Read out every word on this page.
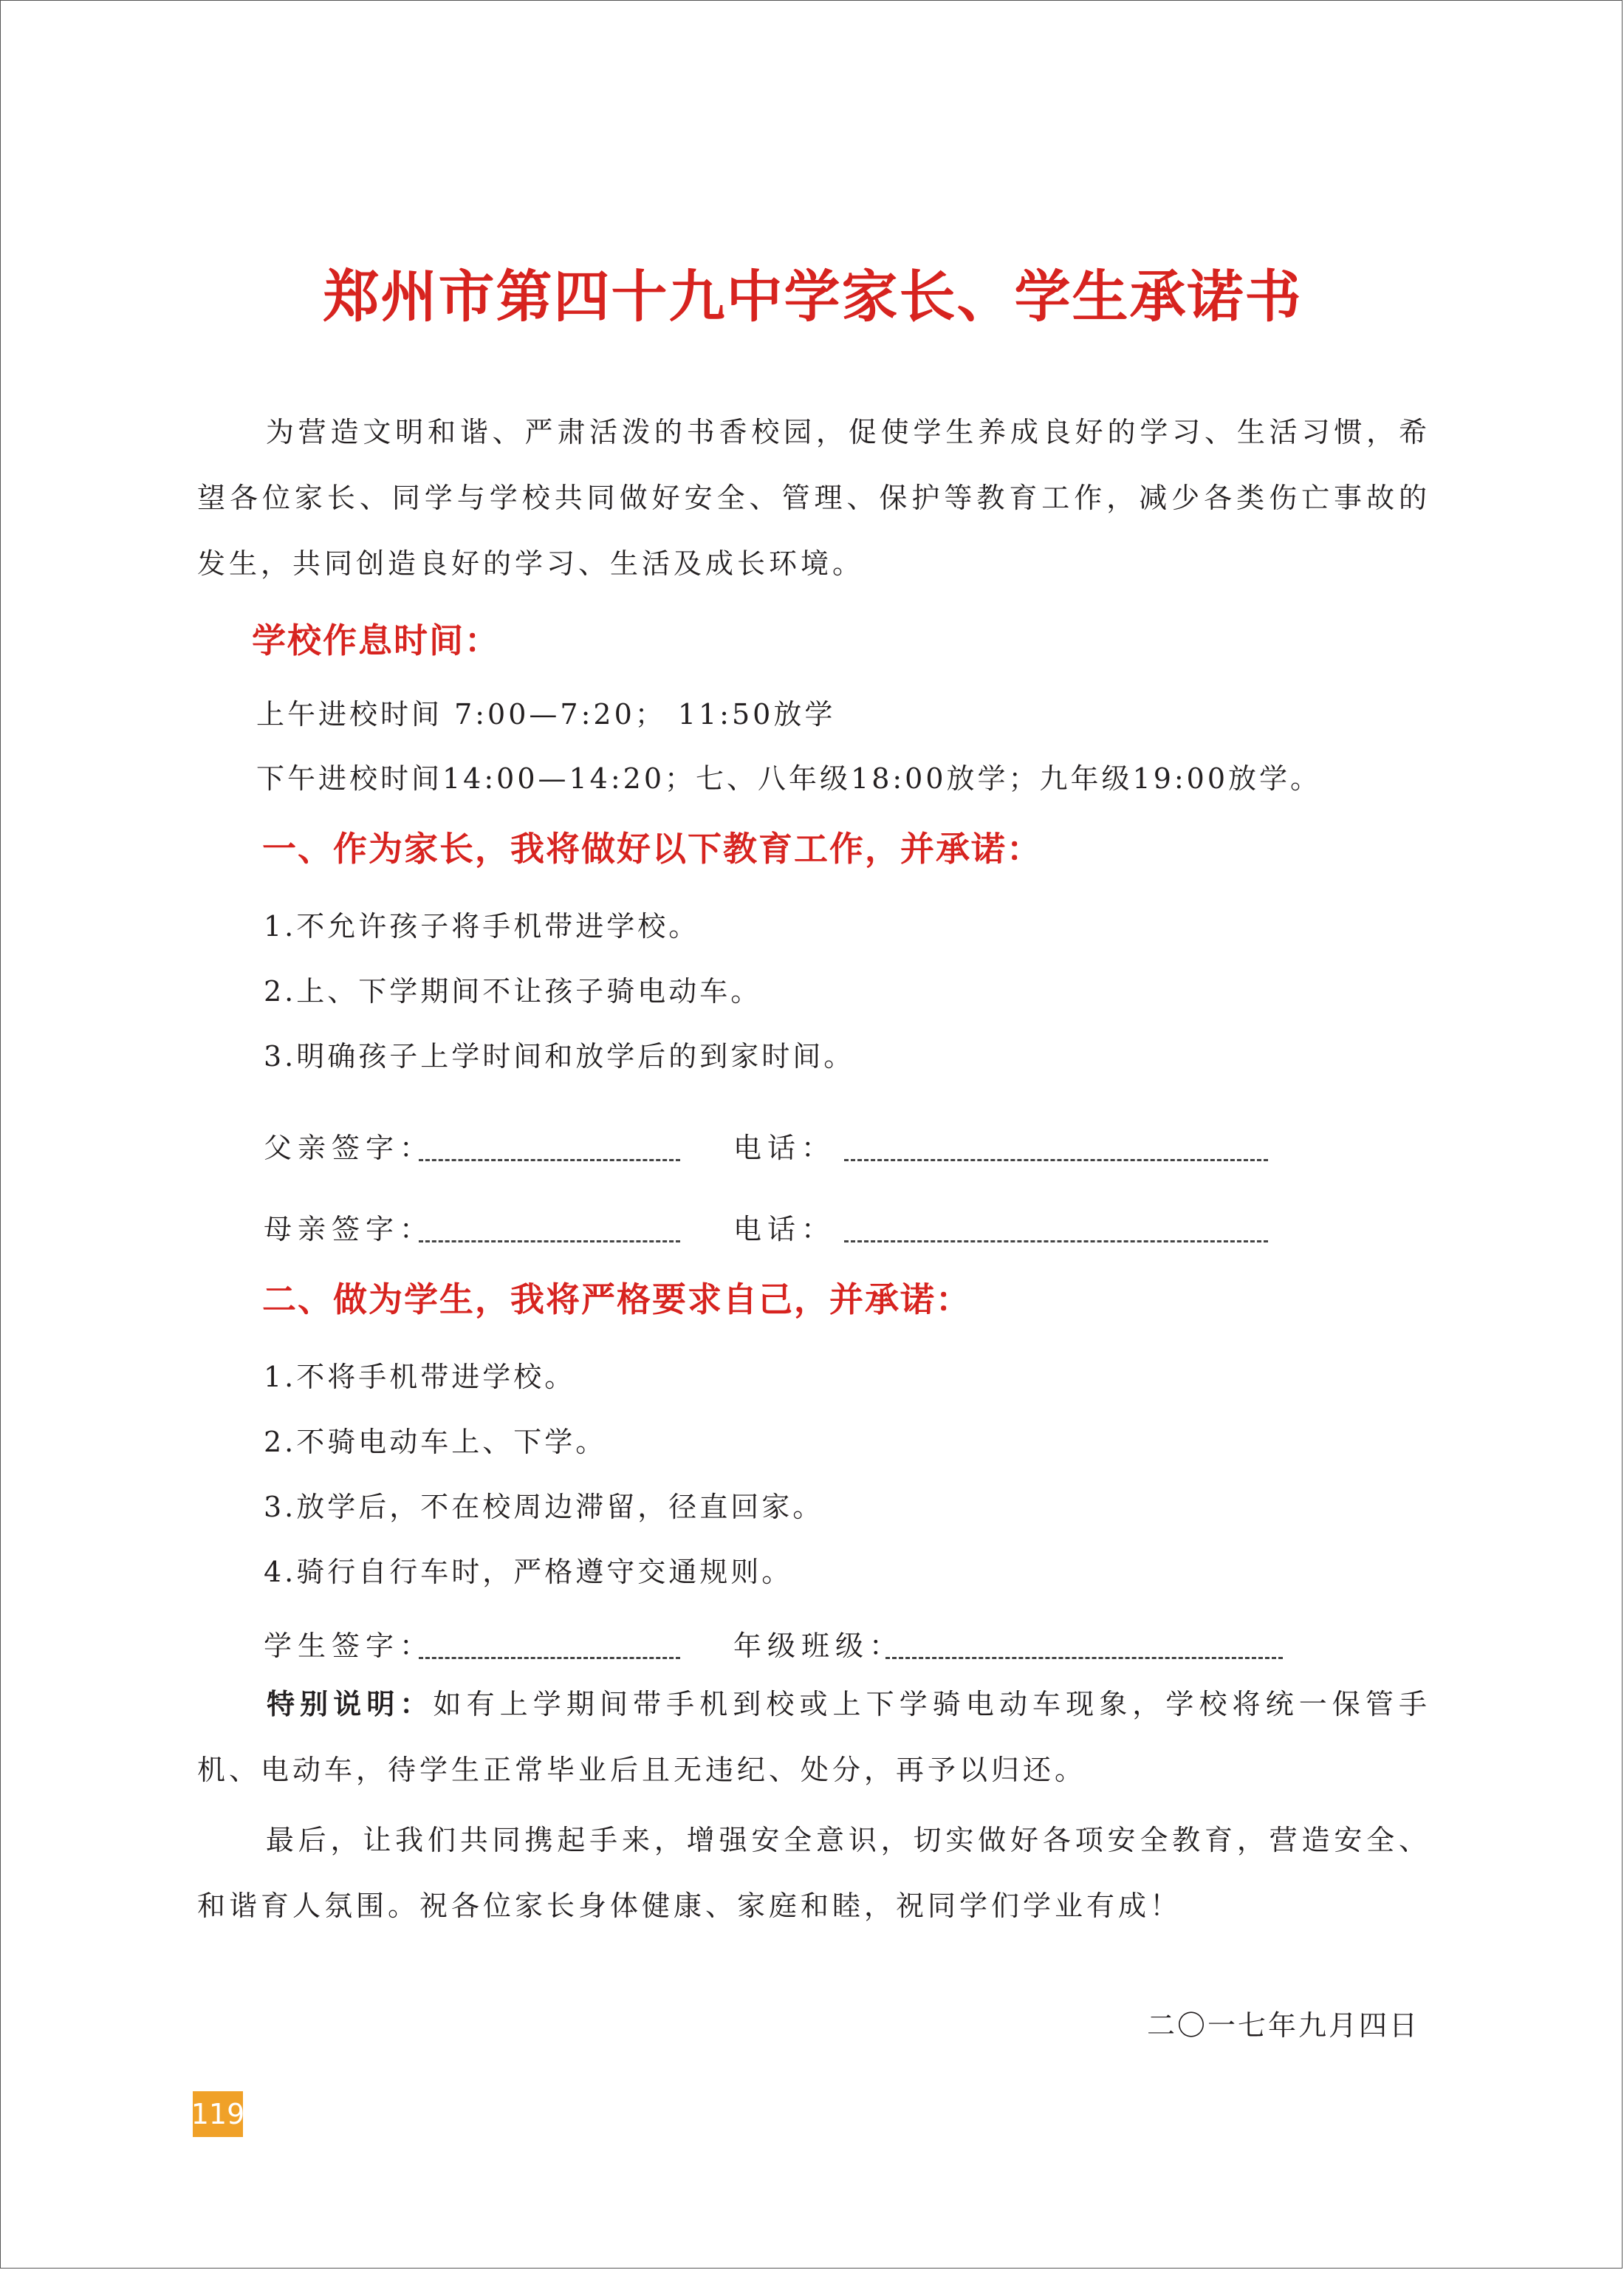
郑州市第四十九中学家长、学生承诺书
为营造文明和谐、严肃活泼的书香校园，促使学生养成良好的学习、生活习惯，希望各位家长、同学与学校共同做好安全、管理、保护等教育工作，减少各类伤亡事故的发生，共同创造良好的学习、生活及成长环境。
学校作息时间：
上午进校时间 7:00—7:20； 11:50放学
下午进校时间14:00—14:20；七、八年级18:00放学；九年级19:00放学。
一、作为家长，我将做好以下教育工作，并承诺：
1.不允许孩子将手机带进学校。
2.上、下学期间不让孩子骑电动车。
3.明确孩子上学时间和放学后的到家时间。
父亲签字：	电话：
母亲签字：	电话：
二、做为学生，我将严格要求自己，并承诺：
1.不将手机带进学校。
2.不骑电动车上、下学。
3.放学后，不在校周边滞留，径直回家。
4.骑行自行车时，严格遵守交通规则。
学生签字：	年级班级：
特别说明：如有上学期间带手机到校或上下学骑电动车现象，学校将统一保管手机、电动车，待学生正常毕业后且无违纪、处分，再予以归还。
最后，让我们共同携起手来，增强安全意识，切实做好各项安全教育，营造安全、和谐育人氛围。祝各位家长身体健康、家庭和睦，祝同学们学业有成！
二〇一七年九月四日
119
